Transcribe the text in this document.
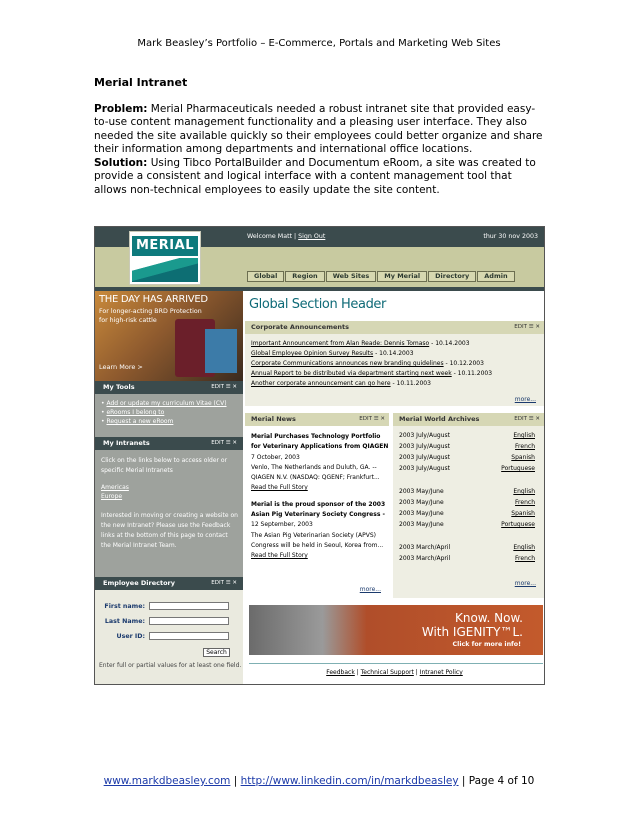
Mark Beasley’s Portfolio – E-Commerce, Portals and Marketing Web Sites
Merial Intranet

Problem: Merial Pharmaceuticals needed a robust intranet site that provided easy-to-use content management functionality and a pleasing user interface. They also needed the site available quickly so their employees could better organize and share their information among departments and international office locations.

Solution: Using Tibco PortalBuilder and Documentum eRoom, a site was created to provide a consistent and logical interface with a content management tool that allows non-technical employees to easily update the site content.

Welcome Matt | Sign Out	thur 30 nov 2003
MERIAL
Global	Region	Web Sites	My Merial	Directory	Admin
THE DAY HAS ARRIVED
For longer-acting BRD Protection
for high-risk cattle
Learn More >
My Tools	EDIT ☰ ✕
• Add or update my curriculum Vitae (CV)
• eRooms I belong to
• Request a new eRoom
My Intranets	EDIT ☰ ✕
Click on the links below to access older or specific Merial Intranets
Americas
Europe
Interested in moving or creating a website on the new Intranet? Please use the Feedback links at the bottom of this page to contact the Merial Intranet Team.
Employee Directory	EDIT ☰ ✕
First name:
Last Name:
User ID:
Search
Enter full or partial values for at least one field.
Global Section Header
Corporate Announcements	EDIT ☰ ✕
Important Announcement from Alan Reade: Dennis Tomaso - 10.14.2003
Global Employee Opinion Survey Results - 10.14.2003
Corporate Communications announces new branding guidelines - 10.12.2003
Annual Report to be distributed via department starting next week - 10.11.2003
Another corporate announcement can go here - 10.11.2003
more...
Merial News	EDIT ☰ ✕
Merial Purchases Technology Portfolio for Veterinary Applications from QIAGEN
7 October, 2003
Venlo, The Netherlands and Duluth, GA. -- QIAGEN N.V. (NASDAQ: QGENF; Frankfurt...
Read the Full Story
Merial is the proud sponsor of the 2003 Asian Pig Veterinary Society Congress -
12 September, 2003
The Asian Pig Veterinarian Society (APVS) Congress will be held in Seoul, Korea from...
Read the Full Story
more...
Merial World Archives	EDIT ☰ ✕
2003 July/August	English
2003 July/August	French
2003 July/August	Spanish
2003 July/August	Portuguese
2003 May/June	English
2003 May/June	French
2003 May/June	Spanish
2003 May/June	Portuguese
2003 March/April	English
2003 March/April	French
more...
Know. Now.
With IGENITY™L.
Click for more info!
Feedback | Technical Support | Intranet Policy
www.markdbeasley.com | http://www.linkedin.com/in/markdbeasley | Page 4 of 10
